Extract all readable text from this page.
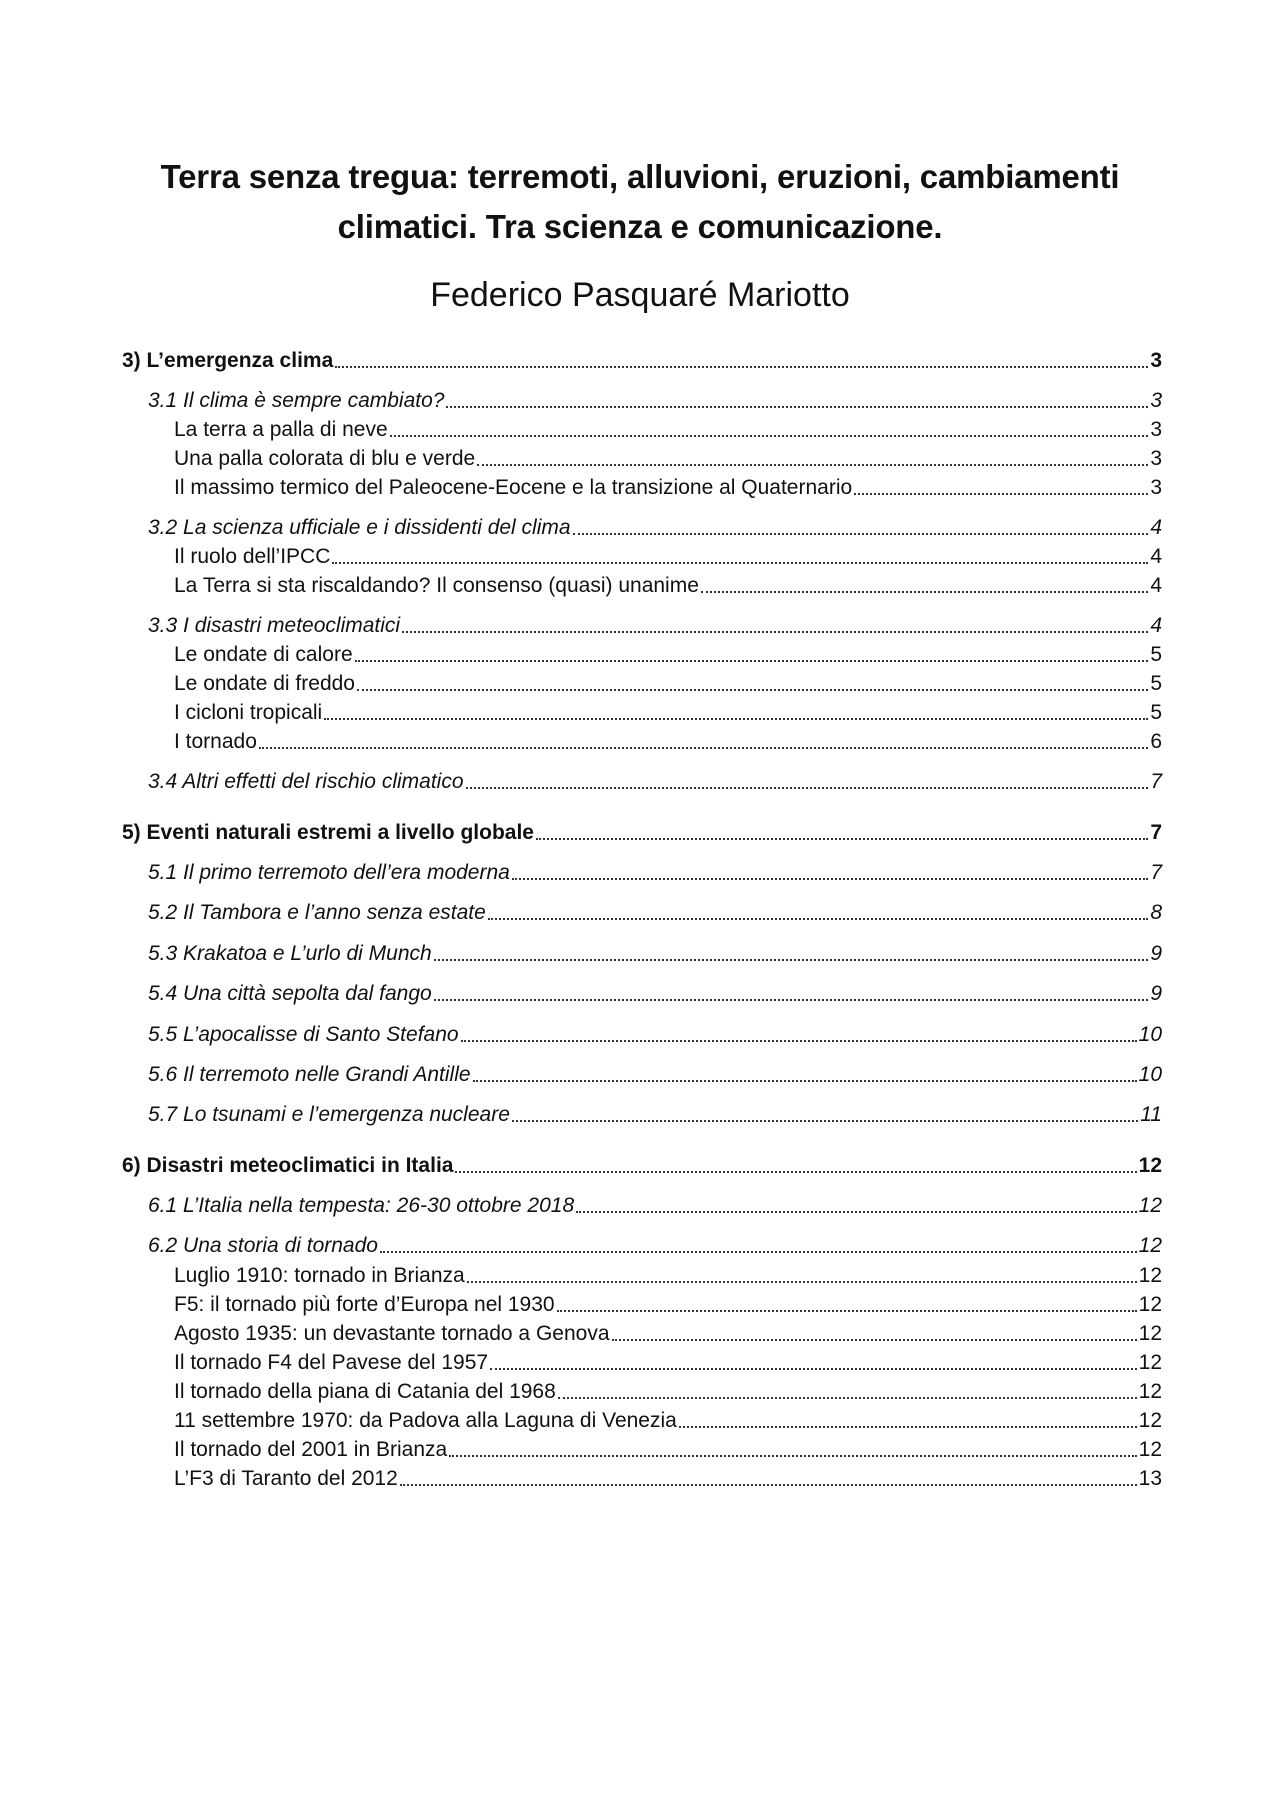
Terra senza tregua: terremoti, alluvioni, eruzioni, cambiamenti climatici. Tra scienza e comunicazione.
Federico Pasquaré Mariotto
3) L’emergenza clima	3
3.1 Il clima è sempre cambiato?	3
La terra a palla di neve	3
Una palla colorata di blu e verde	3
Il massimo termico del Paleocene-Eocene e la transizione al Quaternario	3
3.2 La scienza ufficiale e i dissidenti del clima	4
Il ruolo dell’IPCC	4
La Terra si sta riscaldando? Il consenso (quasi) unanime	4
3.3 I disastri meteoclimatici	4
Le ondate di calore	5
Le ondate di freddo	5
I cicloni tropicali	5
I tornado	6
3.4 Altri effetti del rischio climatico	7
5) Eventi naturali estremi a livello globale	7
5.1 Il primo terremoto dell’era moderna	7
5.2 Il Tambora e l’anno senza estate	8
5.3 Krakatoa e L’urlo di Munch	9
5.4 Una città sepolta dal fango	9
5.5 L’apocalisse di Santo Stefano	10
5.6 Il terremoto nelle Grandi Antille	10
5.7 Lo tsunami e l’emergenza nucleare	11
6) Disastri meteoclimatici in Italia	12
6.1 L’Italia nella tempesta: 26-30 ottobre 2018	12
6.2 Una storia di tornado	12
Luglio 1910: tornado in Brianza	12
F5: il tornado più forte d’Europa nel 1930	12
Agosto 1935: un devastante tornado a Genova	12
Il tornado F4 del Pavese del 1957	12
Il tornado della piana di Catania del 1968	12
11 settembre 1970: da Padova alla Laguna di Venezia	12
Il tornado del 2001 in Brianza	12
L’F3 di Taranto del 2012	13
